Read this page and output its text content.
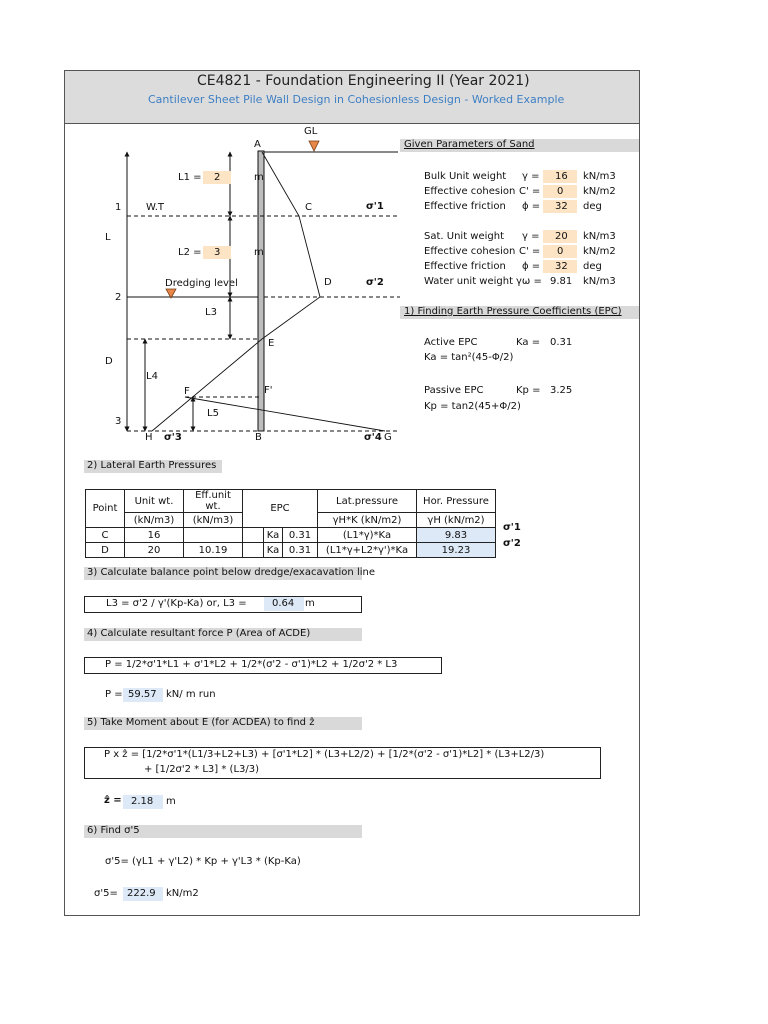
CE4821 - Foundation Engineering II (Year 2021)
Cantilever Sheet Pile Wall Design in Cohesionless Design - Worked Example
GL
A
C
D
E
F	F'
H	B	G
1
2
3
L
D
W.T
Dredging level
L1 = 2	m
L2 = 3	m
L3
L4
L5
σ'1
σ'2
σ'3	σ'4
Given Parameters of Sand
Bulk Unit weight γ = 16 kN/m3
Effective cohesion C' = 0 kN/m2
Effective friction ϕ = 32 deg
Sat. Unit weight γ = 20 kN/m3
Effective cohesion C' = 0 kN/m2
Effective friction ϕ = 32 deg
Water unit weight γω = 9.81 kN/m3
1) Finding Earth Pressure Coefficients (EPC)
Active EPC	Ka = 0.31
Ka = tan²(45-Φ/2)
Passive EPC	Kp = 3.25
Kp = tan2(45+Φ/2)
2) Lateral Earth Pressures
Point	Unit wt.	Eff.unit wt.	EPC			Lat.pressure	Hor. Pressure
	(kN/m3)	(kN/m3)				γH*K (kN/m2)	γH (kN/m2)
C	16			Ka	0.31	(L1*γ)*Ka	9.83
D	20	10.19		Ka	0.31	(L1*γ+L2*γ')*Ka	19.23
σ'1
σ'2
3) Calculate balance point below dredge/exacavation line
L3 = σ'2 / γ'(Kp-Ka) or, L3 =	0.64 m
4) Calculate resultant force P (Area of ACDE)
P = 1/2*σ'1*L1 + σ'1*L2 + 1/2*(σ'2 - σ'1)*L2 + 1/2σ'2 * L3
P = 59.57 kN/ m run
5) Take Moment about E (for ACDEA) to find ẑ
P x ẑ = [1/2*σ'1*(L1/3+L2+L3) + [σ'1*L2] * (L3+L2/2) + [1/2*(σ'2 - σ'1)*L2] * (L3+L2/3)
+ [1/2σ'2 * L3] * (L3/3)
ẑ = 2.18 m
6) Find σ'5
σ'5= (γL1 + γ'L2) * Kp + γ'L3 * (Kp-Ka)
σ'5= 222.9 kN/m2
